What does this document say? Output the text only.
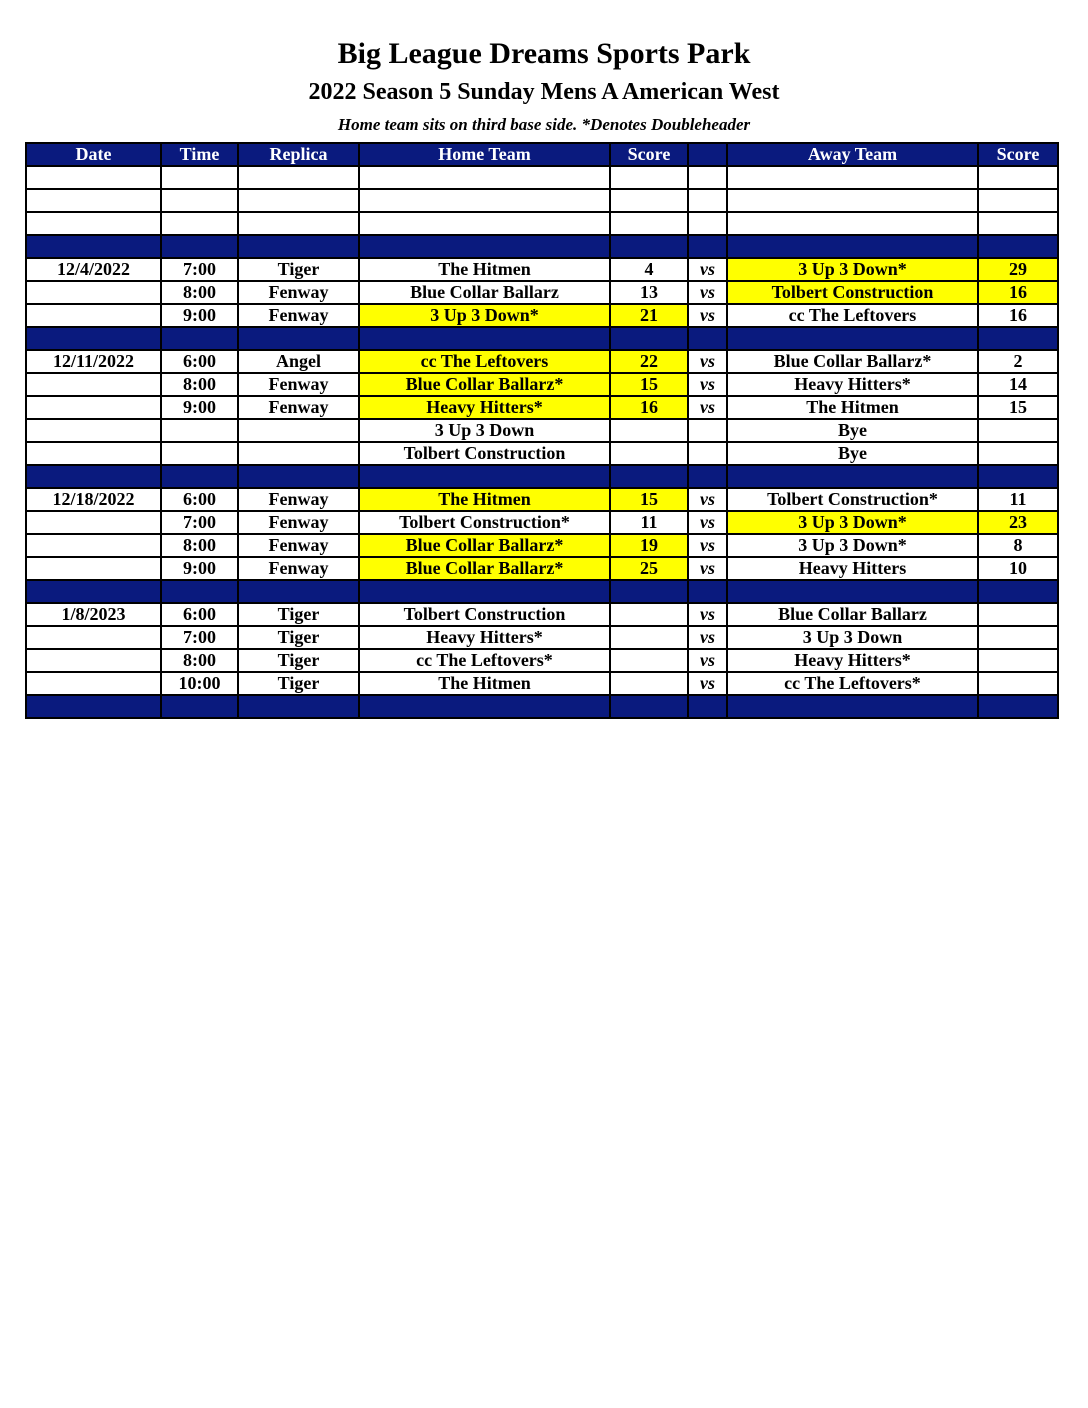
Big League Dreams Sports Park
2022 Season 5 Sunday Mens A American West
Home team sits on third base side. *Denotes Doubleheader
Date	Time	Replica	Home Team	Score		Away Team	Score

12/4/2022	7:00	Tiger	The Hitmen	4	vs	3 Up 3 Down*	29
	8:00	Fenway	Blue Collar Ballarz	13	vs	Tolbert Construction	16
	9:00	Fenway	3 Up 3 Down*	21	vs	cc The Leftovers	16

12/11/2022	6:00	Angel	cc The Leftovers	22	vs	Blue Collar Ballarz*	2
	8:00	Fenway	Blue Collar Ballarz*	15	vs	Heavy Hitters*	14
	9:00	Fenway	Heavy Hitters*	16	vs	The Hitmen	15
			3 Up 3 Down			Bye	
			Tolbert Construction			Bye	

12/18/2022	6:00	Fenway	The Hitmen	15	vs	Tolbert Construction*	11
	7:00	Fenway	Tolbert Construction*	11	vs	3 Up 3 Down*	23
	8:00	Fenway	Blue Collar Ballarz*	19	vs	3 Up 3 Down*	8
	9:00	Fenway	Blue Collar Ballarz*	25	vs	Heavy Hitters	10

1/8/2023	6:00	Tiger	Tolbert Construction		vs	Blue Collar Ballarz	
	7:00	Tiger	Heavy Hitters*		vs	3 Up 3 Down	
	8:00	Tiger	cc The Leftovers*		vs	Heavy Hitters*	
	10:00	Tiger	The Hitmen		vs	cc The Leftovers*	
